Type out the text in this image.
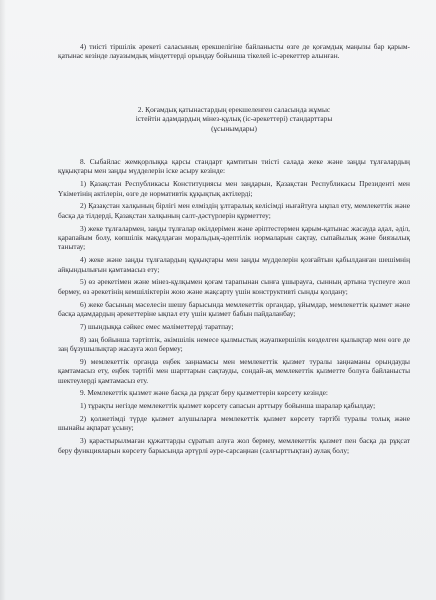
4) тиісті тіршілік әрекеті саласының ерекшелігіне байланысты өзге де қоғамдық маңызы бар қарым-қатынас кезінде лауазымдық міндеттерді орындау бойынша тікелей іс-әрекеттер алынған.

2. Қоғамдық қатынастардың ерекшеленген саласында жұмыс

істейтін адамдардың мінез-құлық (іс-әрекеттері) стандарттары

(ұсынымдары)

8. Сыбайлас жемқорлыққа қарсы стандарт қамтитын тиісті салада жеке және заңды тұлғалардың құқықтары мен заңды мүдделерін іске асыру кезінде:

1) Қазақстан Республикасы Конституциясы мен заңдарын, Қазақстан Республикасы Президенті мен Үкіметінің актілерін, өзге де нормативтік құқықтық актілерді;

2) Қазақстан халқының бірлігі мен елміздің ұлтаралық келісімді нығайтуға ықпал ету, мемлекеттік және басқа да тілдерді, Қазақстан халқының салт-дәстүрлерін құрметтеу;

3) жеке тұлғалармен, заңды тұлғалар өкілдерімен және әріптестермен қарым-қатынас жасауда адал, әділ, қарапайым болу, көпшілік мақұлдаған моральдық-әдептілік нормаларын сақтау, сыпайылық және биязылық танытау;

4) жеке және заңды тұлғалардың құқықтары мен заңды мүдделерін қозғайтын қабылданған шешімнің айқындылығын қамтамасыз ету;

5) өз әрекетімен және мінез-құлқымен қоғам тарапынан сынға ұшырауға, сынның артына түспеуге жол бермеу, өз әрекетінің кемшіліктерін жою және жақсарту үшін конструктивті сынды қолдану;

6) жеке басының мәселесін шешу барысында мемлекеттік органдар, ұйымдар, мемлекеттік қызмет және басқа адамдардың әрекеттеріне ықпал ету үшін қызмет бабын пайдаланбау;

7) шындыққа сәйкес емес мәліметтерді таратпау;

8) заң бойынша тәртіптік, әкімшілік немесе қылмыстық жауапкершілік көзделген қылықтар мен өзге де заң бұзушылықтар жасауға жол бермеу;

9) мемлекеттік органда еңбек заңнамасы мен мемлекеттік қызмет туралы заңнаманы орындауды қамтамасыз ету, еңбек тәртібі мен шарттарын сақтауды, сондай-ақ мемлекеттік қызметте болуға байланысты шектеулерді қамтамасыз ету.

9. Мемлекеттік қызмет және басқа да рұқсат беру қызметтерін көрсету кезінде:

1) тұрақты негізде мемлекеттік қызмет көрсету сапасын арттыру бойынша шаралар қабылдау;

2) қолжетімді түрде қызмет алушыларға мемлекеттік қызмет көрсету тәртібі туралы толық және шынайы ақпарат ұсыну;

3) қарастырылмаған құжаттарды сұратып алуға жол бермеу, мемлекеттік қызмет пен басқа да рұқсат беру функцияларын көрсету барысында әртүрлі әуре-сарсаңнан (салғырттықтан) аулақ болу;
